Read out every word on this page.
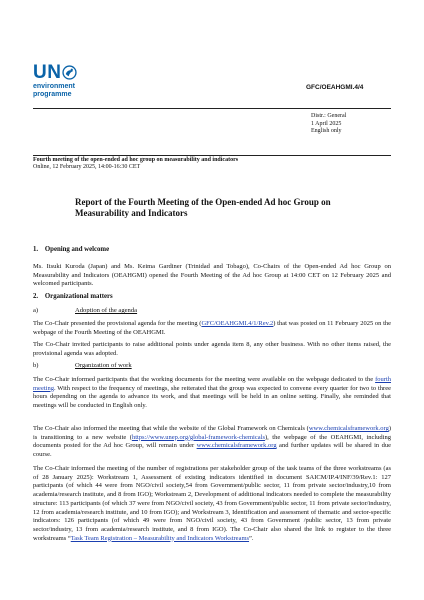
UN
environment
programme
GFC/OEAHGMI.4/4
Distr.: General
1 April 2025
English only
Fourth meeting of the open-ended ad hoc group on measurability and indicators
Online, 12 February 2025, 14:00-16:30 CET
Report of the Fourth Meeting of the Open-ended Ad hoc Group on Measurability and Indicators
1. Opening and welcome
Ms. Itsuki Kuroda (Japan) and Ms. Keima Gardiner (Trinidad and Tobago), Co-Chairs of the Open-ended Ad hoc Group on Measurability and Indicators (OEAHGMI) opened the Fourth Meeting of the Ad hoc Group at 14:00 CET on 12 February 2025 and welcomed participants.
2. Organizational matters
a)	Adoption of the agenda
The Co-Chair presented the provisional agenda for the meeting (GFC/OEAHGMI.4/1/Rev.2) that was posted on 11 February 2025 on the webpage of the Fourth Meeting of the OEAHGMI.
The Co-Chair invited participants to raise additional points under agenda item 8, any other business. With no other items raised, the provisional agenda was adopted.
b)	Organization of work
The Co-Chair informed participants that the working documents for the meeting were available on the webpage dedicated to the fourth meeting. With respect to the frequency of meetings, she reiterated that the group was expected to convene every quarter for two to three hours depending on the agenda to advance its work, and that meetings will be held in an online setting. Finally, she reminded that meetings will be conducted in English only.
The Co-Chair also informed the meeting that while the website of the Global Framework on Chemicals (www.chemicalsframework.org) is transitioning to a new website (https://www.unep.org/global-framework-chemicals), the webpage of the OEAHGMI, including documents posted for the Ad hoc Group, will remain under www.chemicalsframework.org and further updates will be shared in due course.
The Co-Chair informed the meeting of the number of registrations per stakeholder group of the task teams of the three workstreams (as of 28 January 2025): Workstream 1, Assessment of existing indicators identified in document SAICM/IP.4/INF/39/Rev.1: 127 participants (of which 44 were from NGO/civil society,54 from Government/public sector, 11 from private sector/industry,10 from academia/research institute, and 8 from IGO); Workstream 2, Development of additional indicators needed to complete the measurability structure: 113 participants (of which 37 were from NGO/civil society, 43 from Government/public sector, 11 from private sector/industry, 12 from academia/research institute, and 10 from IGO); and Workstream 3, Identification and assessment of thematic and sector-specific indicators: 126 participants (of which 49 were from NGO/civil society, 43 from Government /public sector, 13 from private sector/industry, 13 from academia/research institute, and 8 from IGO). The Co-Chair also shared the link to register to the three workstreams “Task Team Registration – Measurability and Indicators Workstreams”.
